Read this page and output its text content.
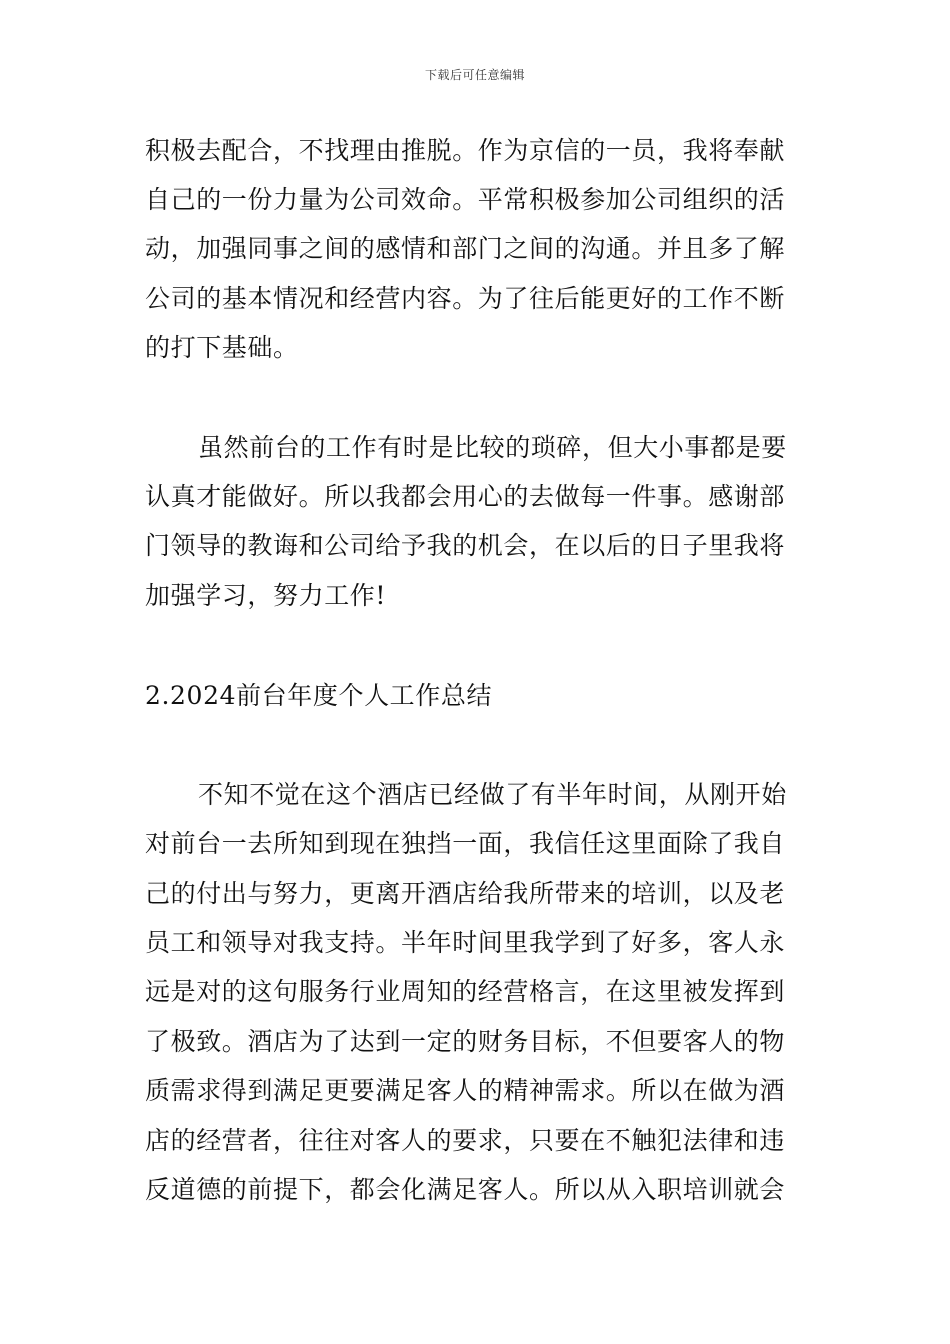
下载后可任意编辑
积极去配合，不找理由推脱。作为京信的一员，我将奉献
自己的一份力量为公司效命。平常积极参加公司组织的活
动，加强同事之间的感情和部门之间的沟通。并且多了解
公司的基本情况和经营内容。为了往后能更好的工作不断
的打下基础。
虽然前台的工作有时是比较的琐碎，但大小事都是要
认真才能做好。所以我都会用心的去做每一件事。感谢部
门领导的教诲和公司给予我的机会，在以后的日子里我将
加强学习，努力工作!
2.2024前台年度个人工作总结
不知不觉在这个酒店已经做了有半年时间，从刚开始
对前台一去所知到现在独挡一面，我信任这里面除了我自
己的付出与努力，更离开酒店给我所带来的培训，以及老
员工和领导对我支持。半年时间里我学到了好多，客人永
远是对的这句服务行业周知的经营格言，在这里被发挥到
了极致。酒店为了达到一定的财务目标，不但要客人的物
质需求得到满足更要满足客人的精神需求。所以在做为酒
店的经营者，往往对客人的要求，只要在不触犯法律和违
反道德的前提下，都会化满足客人。所以从入职培训就会
